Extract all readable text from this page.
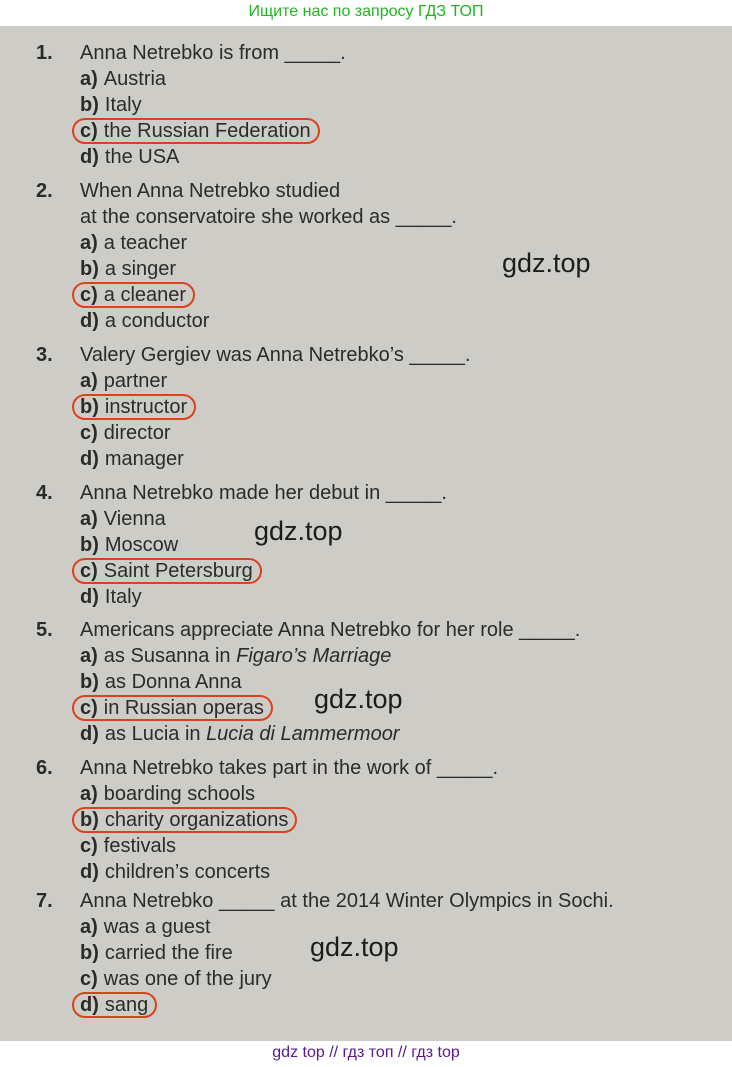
Ищите нас по запросу ГДЗ ТОП

1.	Anna Netrebko is from _____.
a) Austria
b) Italy
c) the Russian Federation
d) the USA
2.	When Anna Netrebko studied
at the conservatoire she worked as _____.
a) a teacher
b) a singer
c) a cleaner
d) a conductor
3.	Valery Gergiev was Anna Netrebko’s _____.
a) partner
b) instructor
c) director
d) manager
4.	Anna Netrebko made her debut in _____.
a) Vienna
b) Moscow
c) Saint Petersburg
d) Italy
5.	Americans appreciate Anna Netrebko for her role _____.
a) as Susanna in Figaro’s Marriage
b) as Donna Anna
c) in Russian operas
d) as Lucia in Lucia di Lammermoor
6.	Anna Netrebko takes part in the work of _____.
a) boarding schools
b) charity organizations
c) festivals
d) children’s concerts
7.	Anna Netrebko _____ at the 2014 Winter Olympics in Sochi.
a) was a guest
b) carried the fire
c) was one of the jury
d) sang
gdz.top
gdz.top
gdz.top
gdz.top
gdz top // гдз топ // гдз top
